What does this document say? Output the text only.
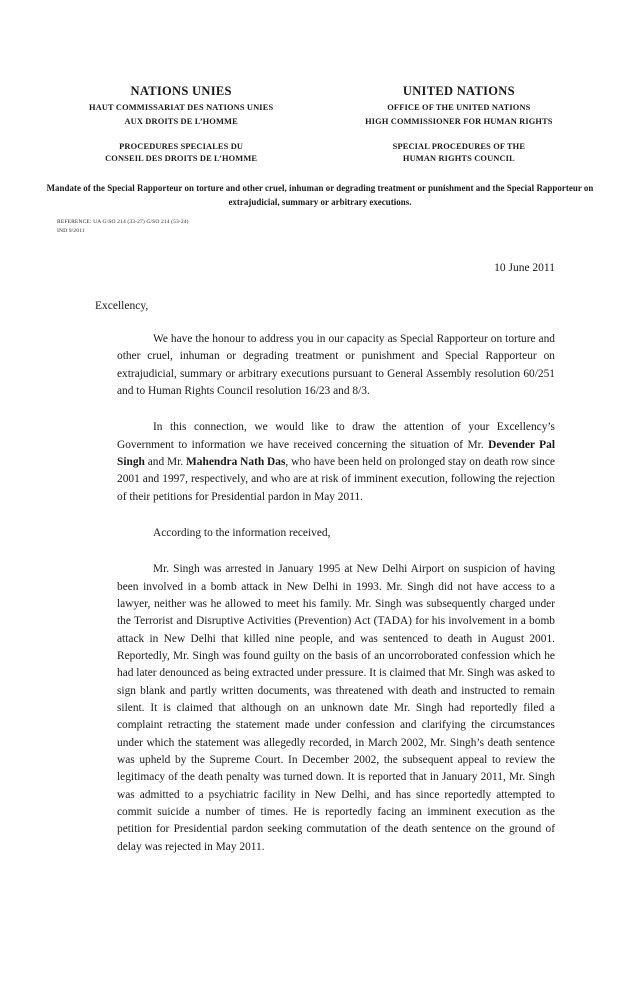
NATIONS UNIES
HAUT COMMISSARIAT DES NATIONS UNIES
AUX DROITS DE L’HOMME
PROCEDURES SPECIALES DU
CONSEIL DES DROITS DE L’HOMME
UNITED NATIONS
OFFICE OF THE UNITED NATIONS
HIGH COMMISSIONER FOR HUMAN RIGHTS
SPECIAL PROCEDURES OF THE
HUMAN RIGHTS COUNCIL
Mandate of the Special Rapporteur on torture and other cruel, inhuman or degrading treatment or punishment and the Special Rapporteur on extrajudicial, summary or arbitrary executions.
REFERENCE: UA G/SO 214 (33-27) G/SO 214 (53-24)
IND 9/2011
10 June 2011
Excellency,

We have the honour to address you in our capacity as Special Rapporteur on torture and other cruel, inhuman or degrading treatment or punishment and Special Rapporteur on extrajudicial, summary or arbitrary executions pursuant to General Assembly resolution 60/251 and to Human Rights Council resolution 16/23 and 8/3.

In this connection, we would like to draw the attention of your Excellency’s Government to information we have received concerning the situation of Mr. Devender Pal Singh and Mr. Mahendra Nath Das, who have been held on prolonged stay on death row since 2001 and 1997, respectively, and who are at risk of imminent execution, following the rejection of their petitions for Presidential pardon in May 2011.

According to the information received,

Mr. Singh was arrested in January 1995 at New Delhi Airport on suspicion of having been involved in a bomb attack in New Delhi in 1993. Mr. Singh did not have access to a lawyer, neither was he allowed to meet his family. Mr. Singh was subsequently charged under the Terrorist and Disruptive Activities (Prevention) Act (TADA) for his involvement in a bomb attack in New Delhi that killed nine people, and was sentenced to death in August 2001. Reportedly, Mr. Singh was found guilty on the basis of an uncorroborated confession which he had later denounced as being extracted under pressure. It is claimed that Mr. Singh was asked to sign blank and partly written documents, was threatened with death and instructed to remain silent. It is claimed that although on an unknown date Mr. Singh had reportedly filed a complaint retracting the statement made under confession and clarifying the circumstances under which the statement was allegedly recorded, in March 2002, Mr. Singh’s death sentence was upheld by the Supreme Court. In December 2002, the subsequent appeal to review the legitimacy of the death penalty was turned down. It is reported that in January 2011, Mr. Singh was admitted to a psychiatric facility in New Delhi, and has since reportedly attempted to commit suicide a number of times. He is reportedly facing an imminent execution as the petition for Presidential pardon seeking commutation of the death sentence on the ground of delay was rejected in May 2011.
